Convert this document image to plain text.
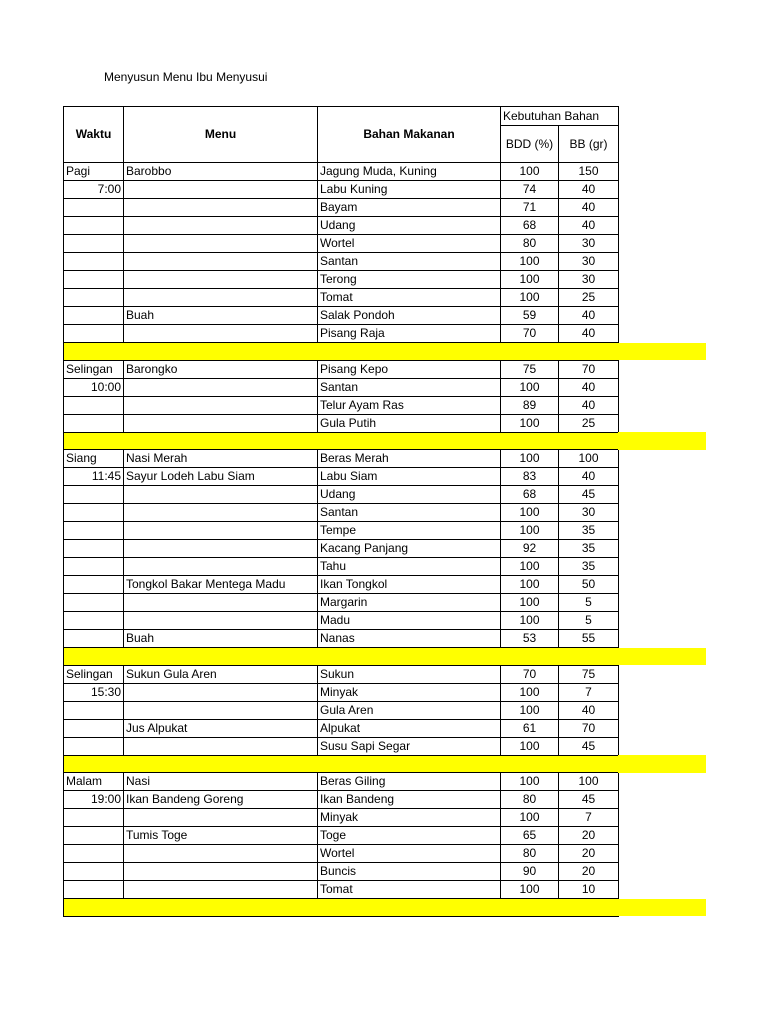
Menyusun Menu Ibu Menyusui
Waktu	Menu	Bahan Makanan	Kebutuhan Bahan	
			BDD (%)	BB (gr)
Pagi	Barobbo	Jagung Muda, Kuning	100	150
7:00		Labu Kuning	74	40
		Bayam	71	40
		Udang	68	40
		Wortel	80	30
		Santan	100	30
		Terong	100	30
		Tomat	100	25
	Buah	Salak Pondoh	59	40
		Pisang Raja	70	40

Selingan	Barongko	Pisang Kepo	75	70
10:00		Santan	100	40
		Telur Ayam Ras	89	40
		Gula Putih	100	25

Siang	Nasi Merah	Beras Merah	100	100
11:45	Sayur Lodeh Labu Siam	Labu Siam	83	40
		Udang	68	45
		Santan	100	30
		Tempe	100	35
		Kacang Panjang	92	35
		Tahu	100	35
	Tongkol Bakar Mentega Madu	Ikan Tongkol	100	50
		Margarin	100	5
		Madu	100	5
	Buah	Nanas	53	55

Selingan	Sukun Gula Aren	Sukun	70	75
15:30		Minyak	100	7
		Gula Aren	100	40
	Jus Alpukat	Alpukat	61	70
		Susu Sapi Segar	100	45

Malam	Nasi	Beras Giling	100	100
19:00	Ikan Bandeng Goreng	Ikan Bandeng	80	45
		Minyak	100	7
	Tumis Toge	Toge	65	20
		Wortel	80	20
		Buncis	90	20
		Tomat	100	10
